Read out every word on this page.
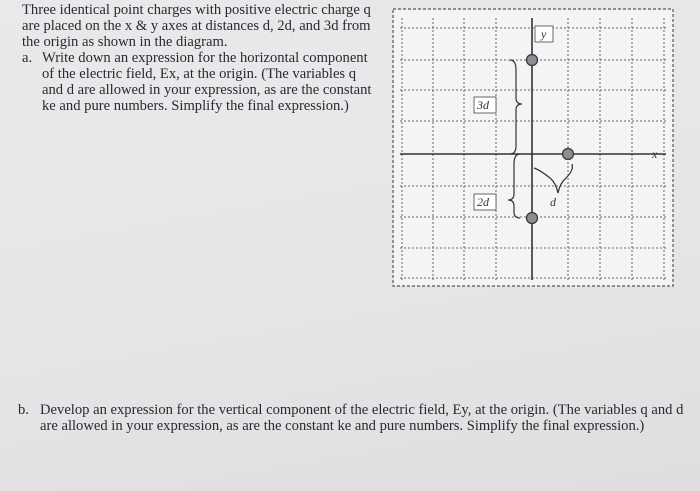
Three identical point charges with positive electric charge q are placed on the x & y axes at distances d, 2d, and 3d from the origin as shown in the diagram.

a. Write down an expression for the horizontal component of the electric field, Ex, at the origin. (The variables q and d are allowed in your expression, as are the constant ke and pure numbers. Simplify the final expression.)
y
x
3d
2d	d
b. Develop an expression for the vertical component of the electric field, Ey, at the origin. (The variables q and d are allowed in your expression, as are the constant ke and pure numbers. Simplify the final expression.)
